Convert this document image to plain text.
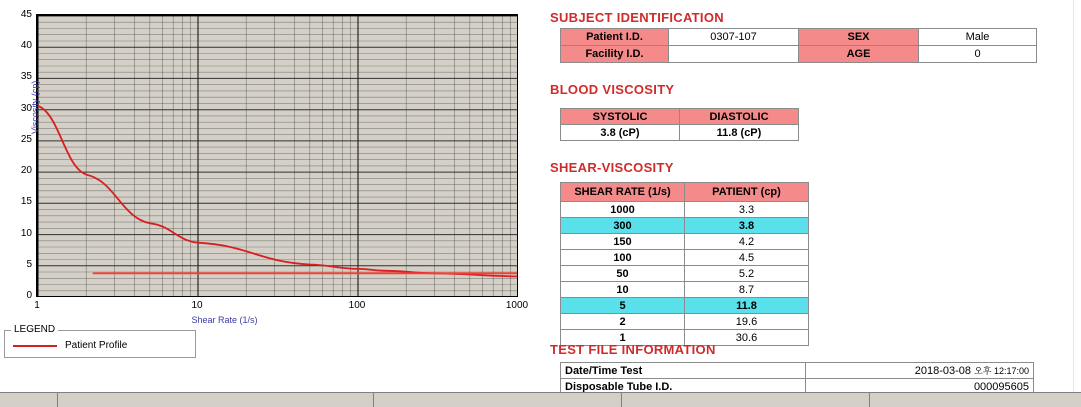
0
5
10
15
20
25
30
35
40
45
1	10	100	1000
Viscosity (cp)
Shear Rate (1/s)
LEGEND
Patient Profile
SUBJECT IDENTIFICATION
Patient I.D.	0307-107	SEX	Male
Facility I.D.		AGE	0
BLOOD VISCOSITY
SYSTOLIC	DIASTOLIC
3.8 (cP)	11.8 (cP)
SHEAR-VISCOSITY
SHEAR RATE (1/s)	PATIENT (cp)
1000	3.3
300	3.8
150	4.2
100	4.5
50	5.2
10	8.7
5	11.8
2	19.6
1	30.6
TEST FILE INFORMATION
Date/Time Test	2018-03-08 오후 12:17:00
Disposable Tube I.D.	000095605
